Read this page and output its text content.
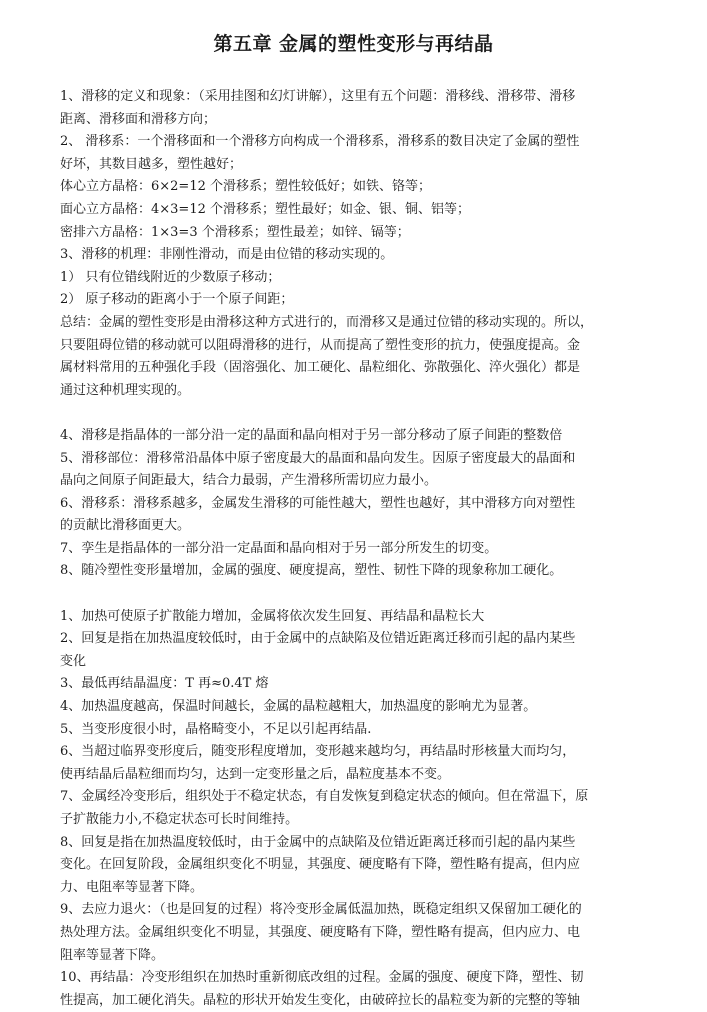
第五章 金属的塑性变形与再结晶
1、滑移的定义和现象：（采用挂图和幻灯讲解），这里有五个问题：滑移线、滑移带、滑移
距离、滑移面和滑移方向；
2、 滑移系：一个滑移面和一个滑移方向构成一个滑移系，滑移系的数目决定了金属的塑性
好坏，其数目越多，塑性越好；
体心立方晶格：6×2=12 个滑移系；塑性较低好；如铁、铬等；
面心立方晶格：4×3=12 个滑移系；塑性最好；如金、银、铜、铝等；
密排六方晶格：1×3=3 个滑移系；塑性最差；如锌、镉等；
3、滑移的机理：非刚性滑动，而是由位错的移动实现的。
1） 只有位错线附近的少数原子移动；
2） 原子移动的距离小于一个原子间距；
总结：金属的塑性变形是由滑移这种方式进行的，而滑移又是通过位错的移动实现的。所以，
只要阻碍位错的移动就可以阻碍滑移的进行，从而提高了塑性变形的抗力，使强度提高。金
属材料常用的五种强化手段（固溶强化、加工硬化、晶粒细化、弥散强化、淬火强化）都是
通过这种机理实现的。
4、滑移是指晶体的一部分沿一定的晶面和晶向相对于另一部分移动了原子间距的整数倍
5、滑移部位：滑移常沿晶体中原子密度最大的晶面和晶向发生。因原子密度最大的晶面和
晶向之间原子间距最大，结合力最弱，产生滑移所需切应力最小。
6、滑移系：滑移系越多，金属发生滑移的可能性越大，塑性也越好，其中滑移方向对塑性
的贡献比滑移面更大。
7、孪生是指晶体的一部分沿一定晶面和晶向相对于另一部分所发生的切变。
8、随冷塑性变形量增加，金属的强度、硬度提高，塑性、韧性下降的现象称加工硬化。
1、加热可使原子扩散能力增加，金属将依次发生回复、再结晶和晶粒长大
2、回复是指在加热温度较低时，由于金属中的点缺陷及位错近距离迁移而引起的晶内某些
变化
3、最低再结晶温度：T 再≈0.4T 熔
4、加热温度越高，保温时间越长，金属的晶粒越粗大，加热温度的影响尤为显著。
5、当变形度很小时，晶格畸变小，不足以引起再结晶.
6、当超过临界变形度后，随变形程度增加，变形越来越均匀，再结晶时形核量大而均匀，
使再结晶后晶粒细而均匀，达到一定变形量之后，晶粒度基本不变。
7、金属经冷变形后，组织处于不稳定状态，有自发恢复到稳定状态的倾向。但在常温下，原
子扩散能力小,不稳定状态可长时间维持。
8、回复是指在加热温度较低时，由于金属中的点缺陷及位错近距离迁移而引起的晶内某些
变化。在回复阶段，金属组织变化不明显，其强度、硬度略有下降，塑性略有提高，但内应
力、电阻率等显著下降。
9、去应力退火：（也是回复的过程）将冷变形金属低温加热，既稳定组织又保留加工硬化的
热处理方法。金属组织变化不明显，其强度、硬度略有下降，塑性略有提高，但内应力、电
阻率等显著下降。
10、再结晶：冷变形组织在加热时重新彻底改组的过程。金属的强度、硬度下降，塑性、韧
性提高，加工硬化消失。晶粒的形状开始发生变化，由破碎拉长的晶粒变为新的完整的等轴
